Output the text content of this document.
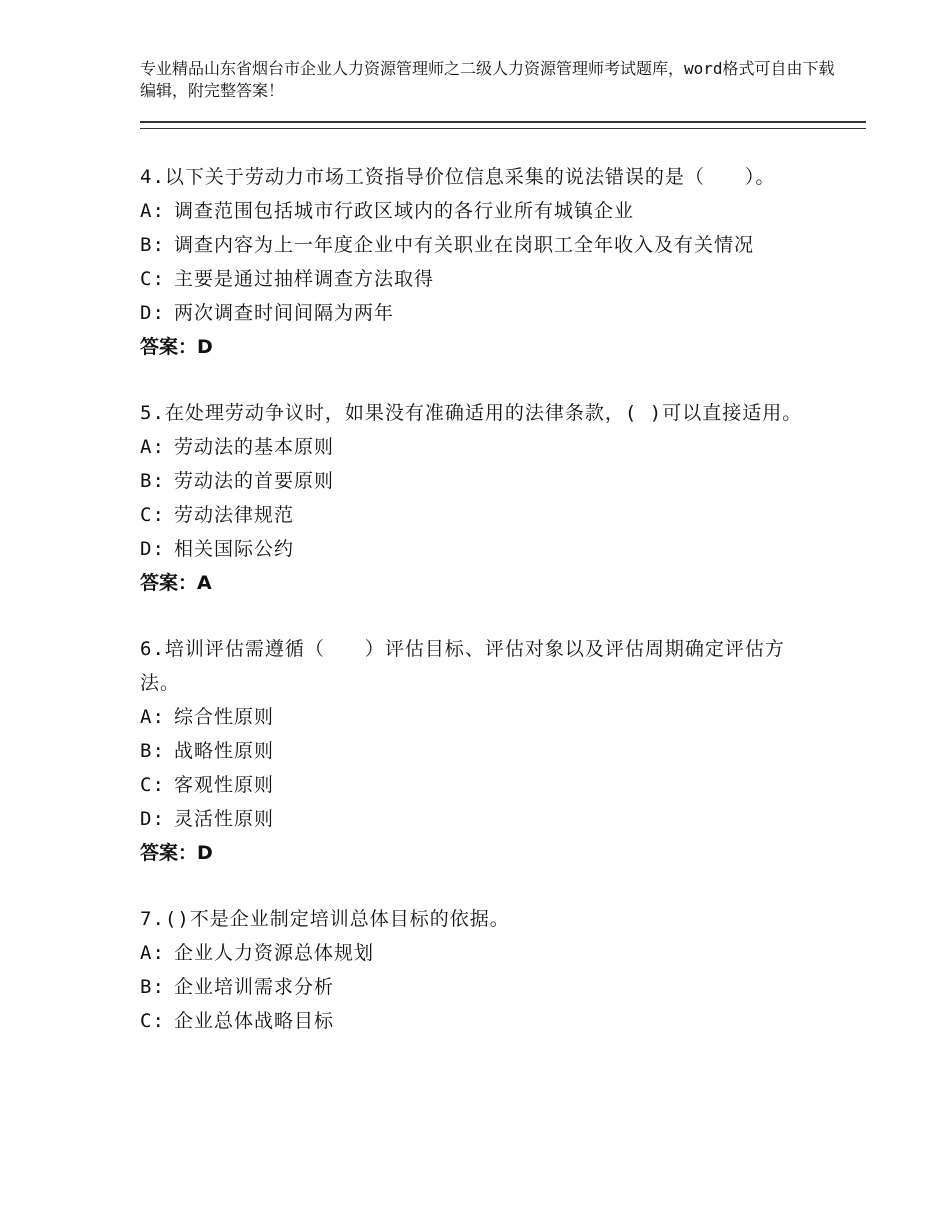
专业精品山东省烟台市企业人力资源管理师之二级人力资源管理师考试题库，word格式可自由下载编辑，附完整答案！
4.以下关于劳动力市场工资指导价位信息采集的说法错误的是（　　）。
A: 调查范围包括城市行政区域内的各行业所有城镇企业
B: 调查内容为上一年度企业中有关职业在岗职工全年收入及有关情况
C: 主要是通过抽样调查方法取得
D: 两次调查时间间隔为两年
答案：D
5.在处理劳动争议时，如果没有准确适用的法律条款，( )可以直接适用。
A: 劳动法的基本原则
B: 劳动法的首要原则
C: 劳动法律规范
D: 相关国际公约
答案：A
6.培训评估需遵循（　　）评估目标、评估对象以及评估周期确定评估方法。
A: 综合性原则
B: 战略性原则
C: 客观性原则
D: 灵活性原则
答案：D
7.()不是企业制定培训总体目标的依据。
A: 企业人力资源总体规划
B: 企业培训需求分析
C: 企业总体战略目标
